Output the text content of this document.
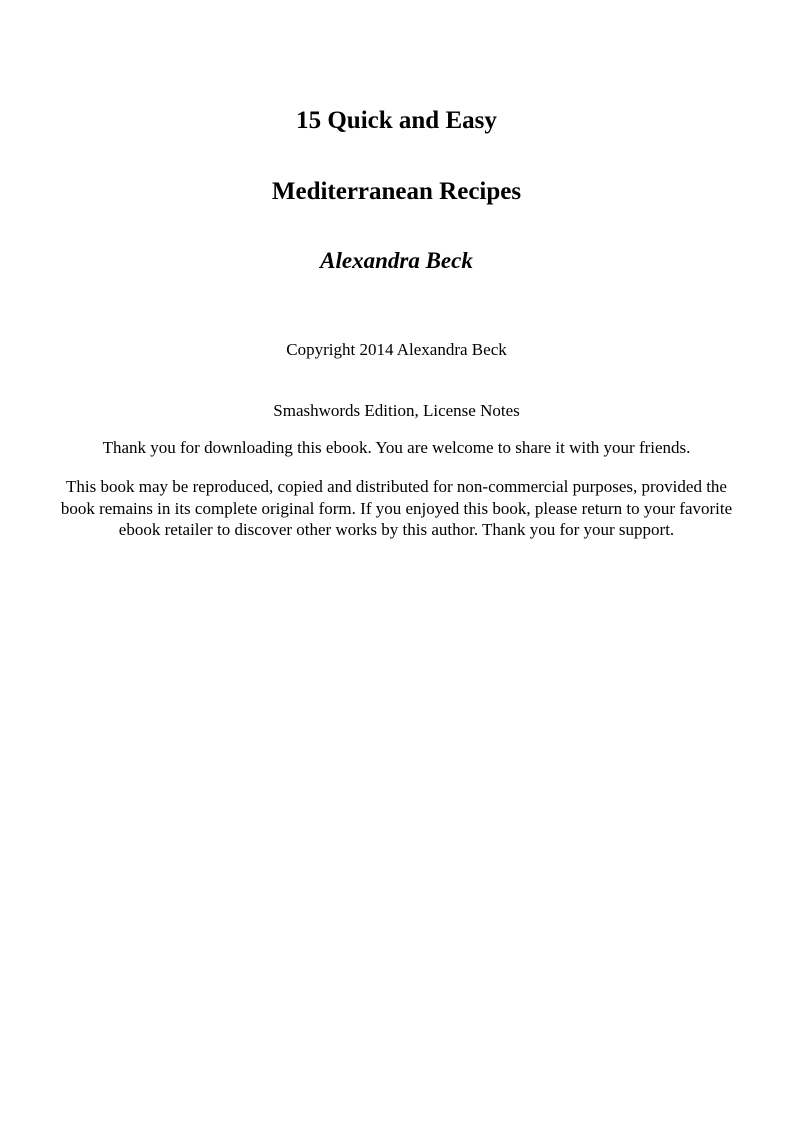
15 Quick and Easy
Mediterranean Recipes
Alexandra Beck
Copyright 2014 Alexandra Beck
Smashwords Edition, License Notes
Thank you for downloading this ebook. You are welcome to share it with your friends.
This book may be reproduced, copied and distributed for non-commercial purposes, provided the book remains in its complete original form. If you enjoyed this book, please return to your favorite ebook retailer to discover other works by this author. Thank you for your support.
